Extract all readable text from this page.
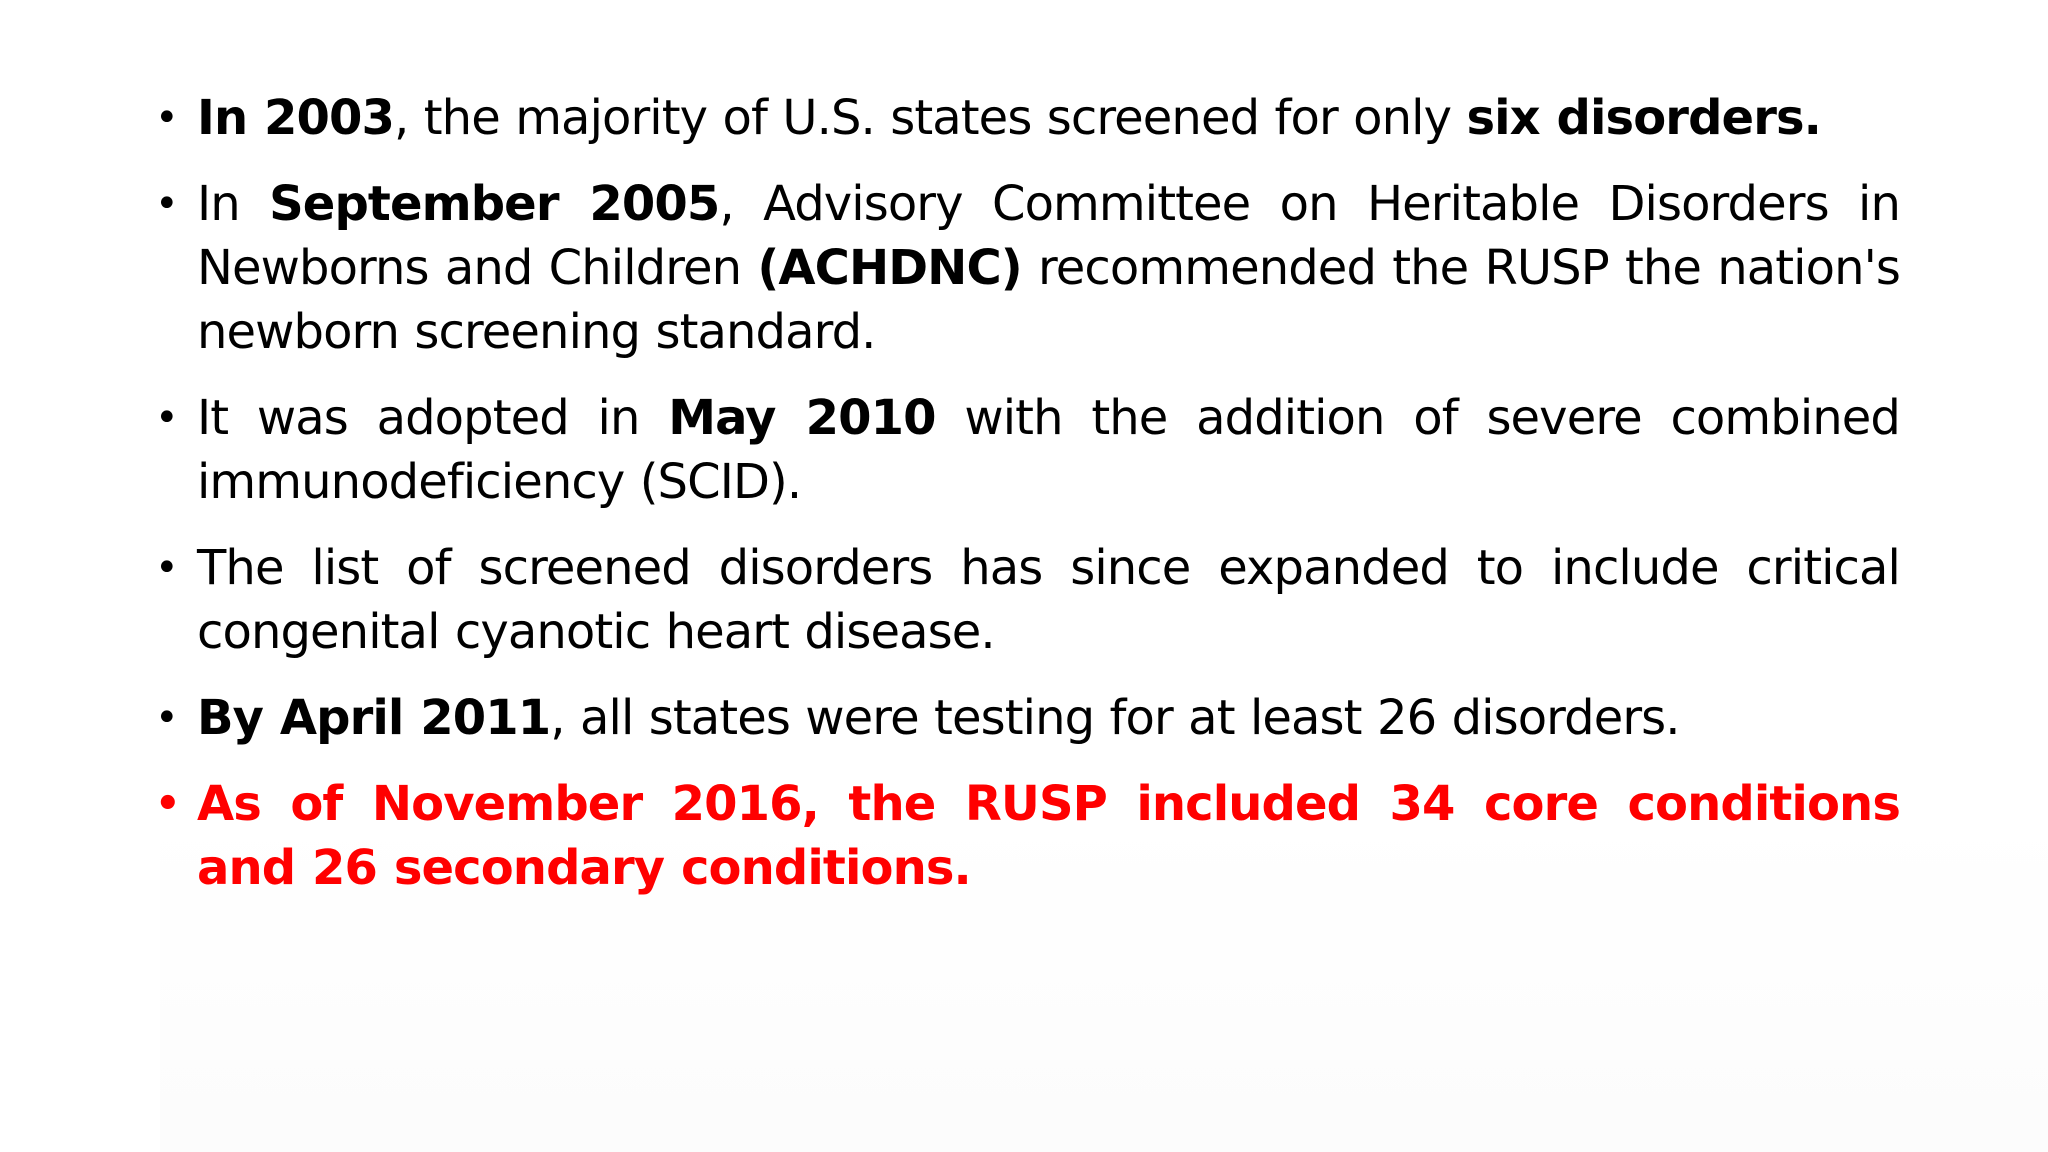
• In 2003, the majority of U.S. states screened for only six disorders.
• In September 2005, Advisory Committee on Heritable Disorders in Newborns and Children (ACHDNC) recommended the RUSP the nation's newborn screening standard.
• It was adopted in May 2010 with the addition of severe combined immunodeficiency (SCID).
• The list of screened disorders has since expanded to include critical congenital cyanotic heart disease.
• By April 2011, all states were testing for at least 26 disorders.
• As of November 2016, the RUSP included 34 core conditions and 26 secondary conditions.
